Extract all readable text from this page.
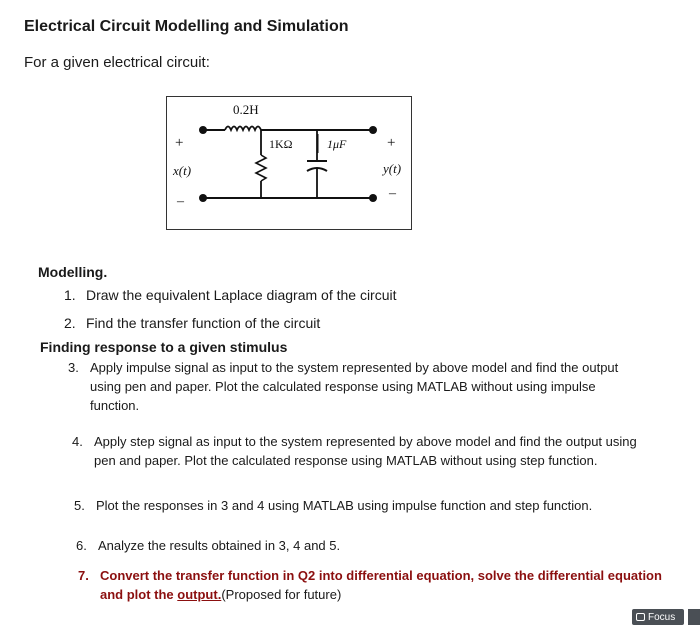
Electrical Circuit Modelling and Simulation
For a given electrical circuit:
0.2H
1KΩ	1μF
+
x(t)
–
+
y(t)
–
Modelling.
1. Draw the equivalent Laplace diagram of the circuit
2. Find the transfer function of the circuit
Finding response to a given stimulus
3. Apply impulse signal as input to the system represented by above model and find the output
using pen and paper. Plot the calculated response using MATLAB without using impulse
function.
4. Apply step signal as input to the system represented by above model and find the output using
pen and paper. Plot the calculated response using MATLAB without using step function.
5. Plot the responses in 3 and 4 using MATLAB using impulse function and step function.
6. Analyze the results obtained in 3, 4 and 5.
7. Convert the transfer function in Q2 into differential equation, solve the differential equation
and plot the output.(Proposed for future)
Focus
